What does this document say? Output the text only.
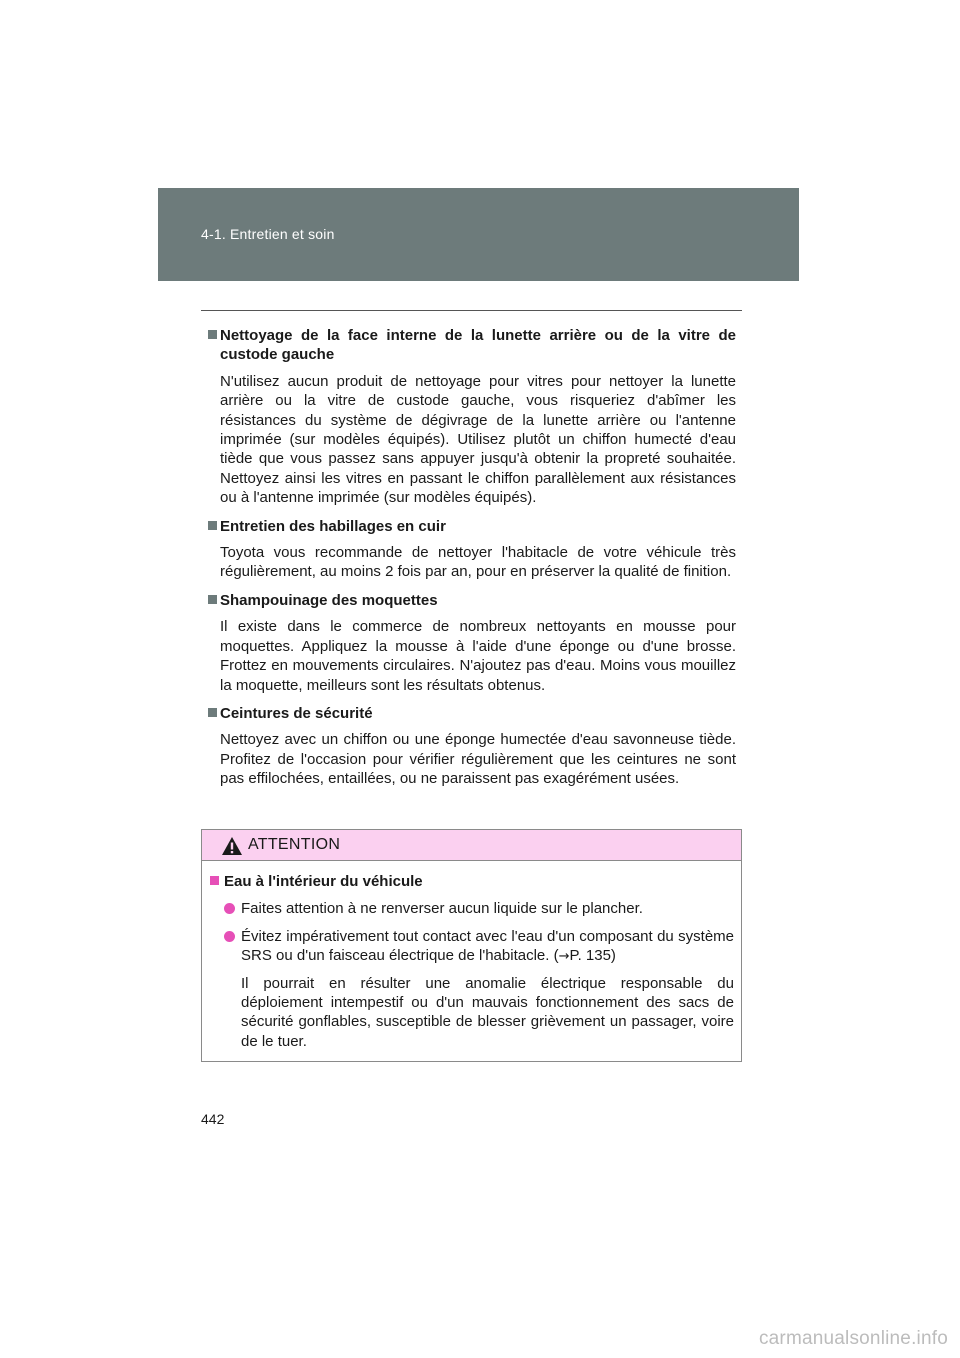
4-1. Entretien et soin
Nettoyage de la face interne de la lunette arrière ou de la vitre de custode gauche
N'utilisez aucun produit de nettoyage pour vitres pour nettoyer la lunette arrière ou la vitre de custode gauche, vous risqueriez d'abîmer les résistances du système de dégivrage de la lunette arrière ou l'antenne imprimée (sur modèles équipés). Utilisez plutôt un chiffon humecté d'eau tiède que vous passez sans appuyer jusqu'à obtenir la propreté souhaitée. Nettoyez ainsi les vitres en passant le chiffon parallèlement aux résistances ou à l'antenne imprimée (sur modèles équipés).
Entretien des habillages en cuir
Toyota vous recommande de nettoyer l'habitacle de votre véhicule très régulièrement, au moins 2 fois par an, pour en préserver la qualité de finition.
Shampouinage des moquettes
Il existe dans le commerce de nombreux nettoyants en mousse pour moquettes. Appliquez la mousse à l'aide d'une éponge ou d'une brosse. Frottez en mouvements circulaires. N'ajoutez pas d'eau. Moins vous mouillez la moquette, meilleurs sont les résultats obtenus.
Ceintures de sécurité
Nettoyez avec un chiffon ou une éponge humectée d'eau savonneuse tiède. Profitez de l'occasion pour vérifier régulièrement que les ceintures ne sont pas effilochées, entaillées, ou ne paraissent pas exagérément usées.
ATTENTION
Eau à l'intérieur du véhicule
Faites attention à ne renverser aucun liquide sur le plancher.
Évitez impérativement tout contact avec l'eau d'un composant du système SRS ou d'un faisceau électrique de l'habitacle. (→P. 135)
Il pourrait en résulter une anomalie électrique responsable du déploiement intempestif ou d'un mauvais fonctionnement des sacs de sécurité gonflables, susceptible de blesser grièvement un passager, voire de le tuer.
442
carmanualsonline.info
